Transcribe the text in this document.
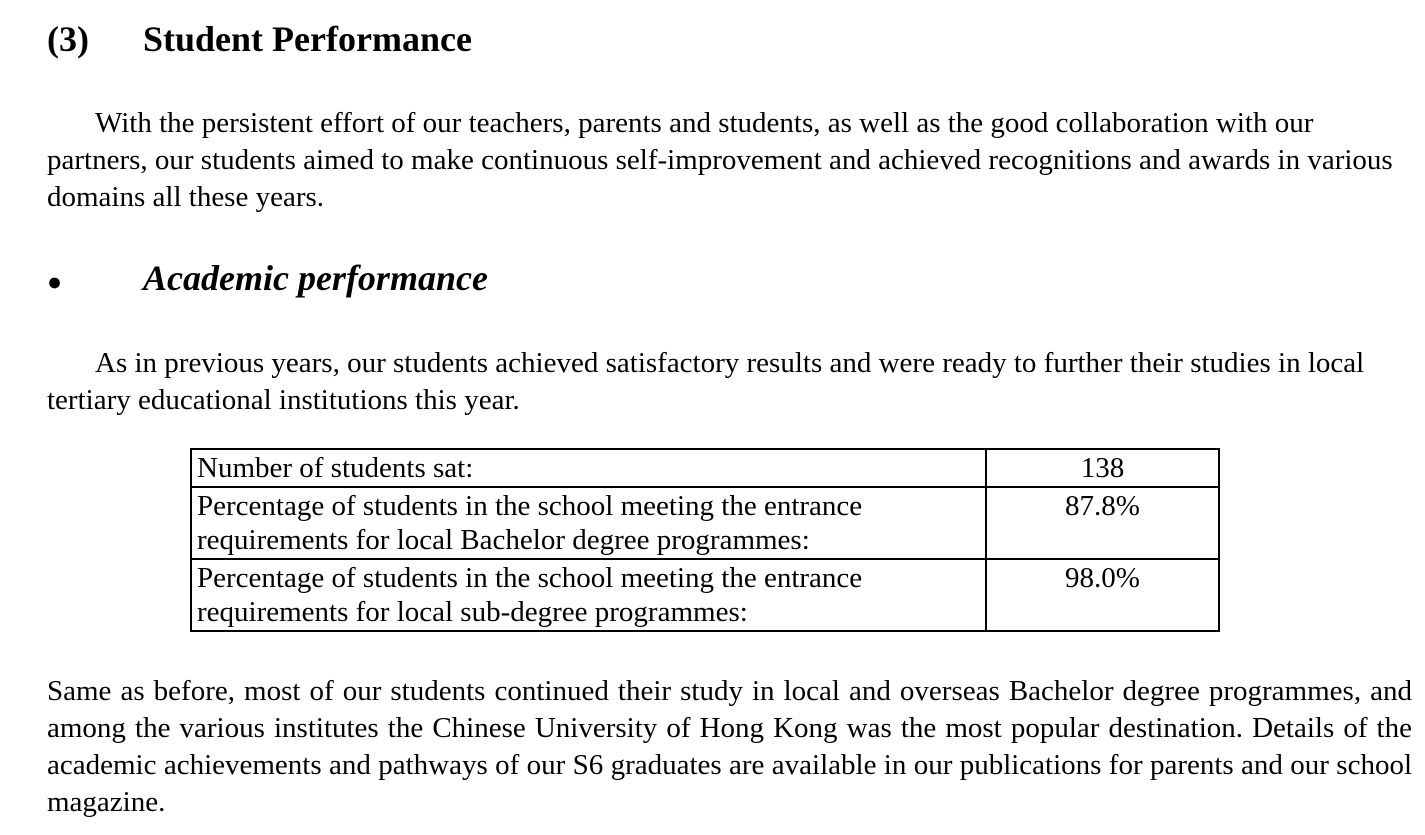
(3)	Student Performance

With the persistent effort of our teachers, parents and students, as well as the good collaboration with our partners, our students aimed to make continuous self-improvement and achieved recognitions and awards in various domains all these years.

●	Academic performance

As in previous years, our students achieved satisfactory results and were ready to further their studies in local tertiary educational institutions this year.

Number of students sat:	138
Percentage of students in the school meeting the entrance requirements for local Bachelor degree programmes:	87.8%
Percentage of students in the school meeting the entrance requirements for local sub-degree programmes:	98.0%

Same as before, most of our students continued their study in local and overseas Bachelor degree programmes, and among the various institutes the Chinese University of Hong Kong was the most popular destination. Details of the academic achievements and pathways of our S6 graduates are available in our publications for parents and our school magazine.
